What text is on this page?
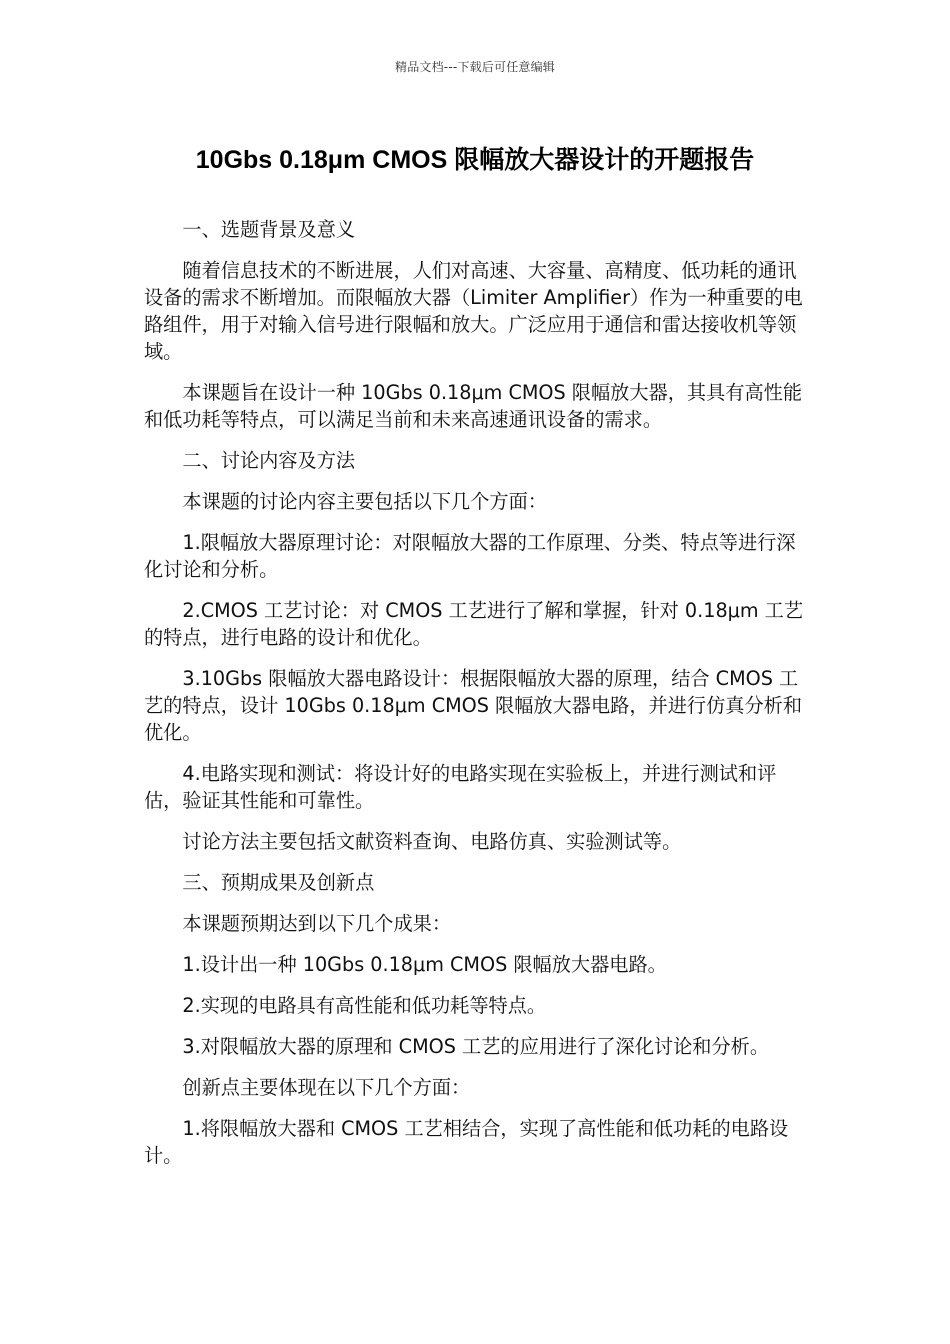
精品文档---下载后可任意编辑
10Gbs 0.18μm CMOS 限幅放大器设计的开题报告

一、选题背景及意义

随着信息技术的不断进展，人们对高速、大容量、高精度、低功耗的通讯设备的需求不断增加。而限幅放大器（Limiter Amplifier）作为一种重要的电路组件，用于对输入信号进行限幅和放大。广泛应用于通信和雷达接收机等领域。

本课题旨在设计一种 10Gbs 0.18μm CMOS 限幅放大器，其具有高性能和低功耗等特点，可以满足当前和未来高速通讯设备的需求。

二、讨论内容及方法

本课题的讨论内容主要包括以下几个方面：

1.限幅放大器原理讨论：对限幅放大器的工作原理、分类、特点等进行深化讨论和分析。

2.CMOS 工艺讨论：对 CMOS 工艺进行了解和掌握，针对 0.18μm 工艺的特点，进行电路的设计和优化。

3.10Gbs 限幅放大器电路设计：根据限幅放大器的原理，结合 CMOS 工艺的特点，设计 10Gbs 0.18μm CMOS 限幅放大器电路，并进行仿真分析和优化。

4.电路实现和测试：将设计好的电路实现在实验板上，并进行测试和评估，验证其性能和可靠性。

讨论方法主要包括文献资料查询、电路仿真、实验测试等。

三、预期成果及创新点

本课题预期达到以下几个成果：

1.设计出一种 10Gbs 0.18μm CMOS 限幅放大器电路。

2.实现的电路具有高性能和低功耗等特点。

3.对限幅放大器的原理和 CMOS 工艺的应用进行了深化讨论和分析。

创新点主要体现在以下几个方面：

1.将限幅放大器和 CMOS 工艺相结合，实现了高性能和低功耗的电路设计。
